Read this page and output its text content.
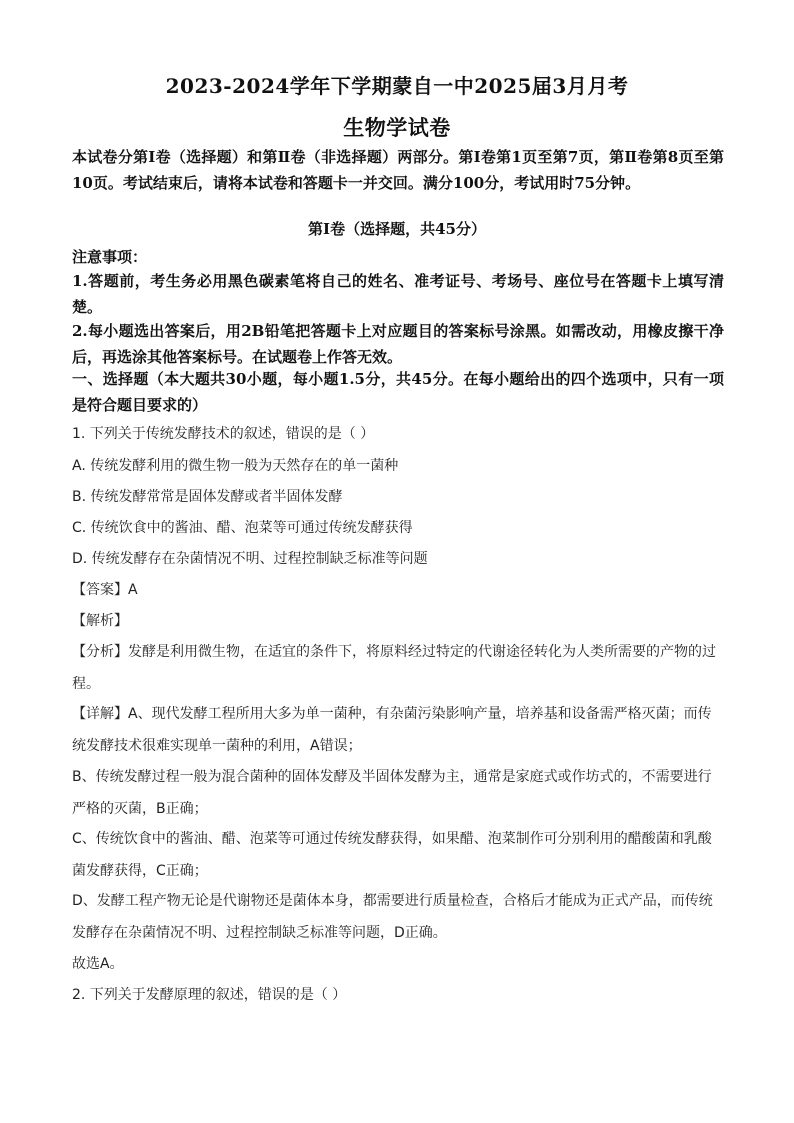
2023-2024学年下学期蒙自一中2025届3月月考
生物学试卷
本试卷分第Ⅰ卷（选择题）和第Ⅱ卷（非选择题）两部分。第Ⅰ卷第1页至第7页，第Ⅱ卷第8页至第10页。考试结束后，请将本试卷和答题卡一并交回。满分100分，考试用时75分钟。
第Ⅰ卷（选择题，共45分）
注意事项：
1.答题前，考生务必用黑色碳素笔将自己的姓名、准考证号、考场号、座位号在答题卡上填写清楚。
2.每小题选出答案后，用2B铅笔把答题卡上对应题目的答案标号涂黑。如需改动，用橡皮擦干净后，再选涂其他答案标号。在试题卷上作答无效。
一、选择题（本大题共30小题，每小题1.5分，共45分。在每小题给出的四个选项中，只有一项是符合题目要求的）
1. 下列关于传统发酵技术的叙述，错误的是（ ）
A. 传统发酵利用的微生物一般为天然存在的单一菌种
B. 传统发酵常常是固体发酵或者半固体发酵
C. 传统饮食中的酱油、醋、泡菜等可通过传统发酵获得
D. 传统发酵存在杂菌情况不明、过程控制缺乏标准等问题
【答案】A
【解析】
【分析】发酵是利用微生物，在适宜的条件下，将原料经过特定的代谢途径转化为人类所需要的产物的过程。
【详解】A、现代发酵工程所用大多为单一菌种，有杂菌污染影响产量，培养基和设备需严格灭菌；而传统发酵技术很难实现单一菌种的利用，A错误；
B、传统发酵过程一般为混合菌种的固体发酵及半固体发酵为主，通常是家庭式或作坊式的，不需要进行严格的灭菌，B正确；
C、传统饮食中的酱油、醋、泡菜等可通过传统发酵获得，如果醋、泡菜制作可分别利用的醋酸菌和乳酸菌发酵获得，C正确；
D、发酵工程产物无论是代谢物还是菌体本身，都需要进行质量检查，合格后才能成为正式产品，而传统发酵存在杂菌情况不明、过程控制缺乏标准等问题，D正确。
故选A。
2. 下列关于发酵原理的叙述，错误的是（ ）
